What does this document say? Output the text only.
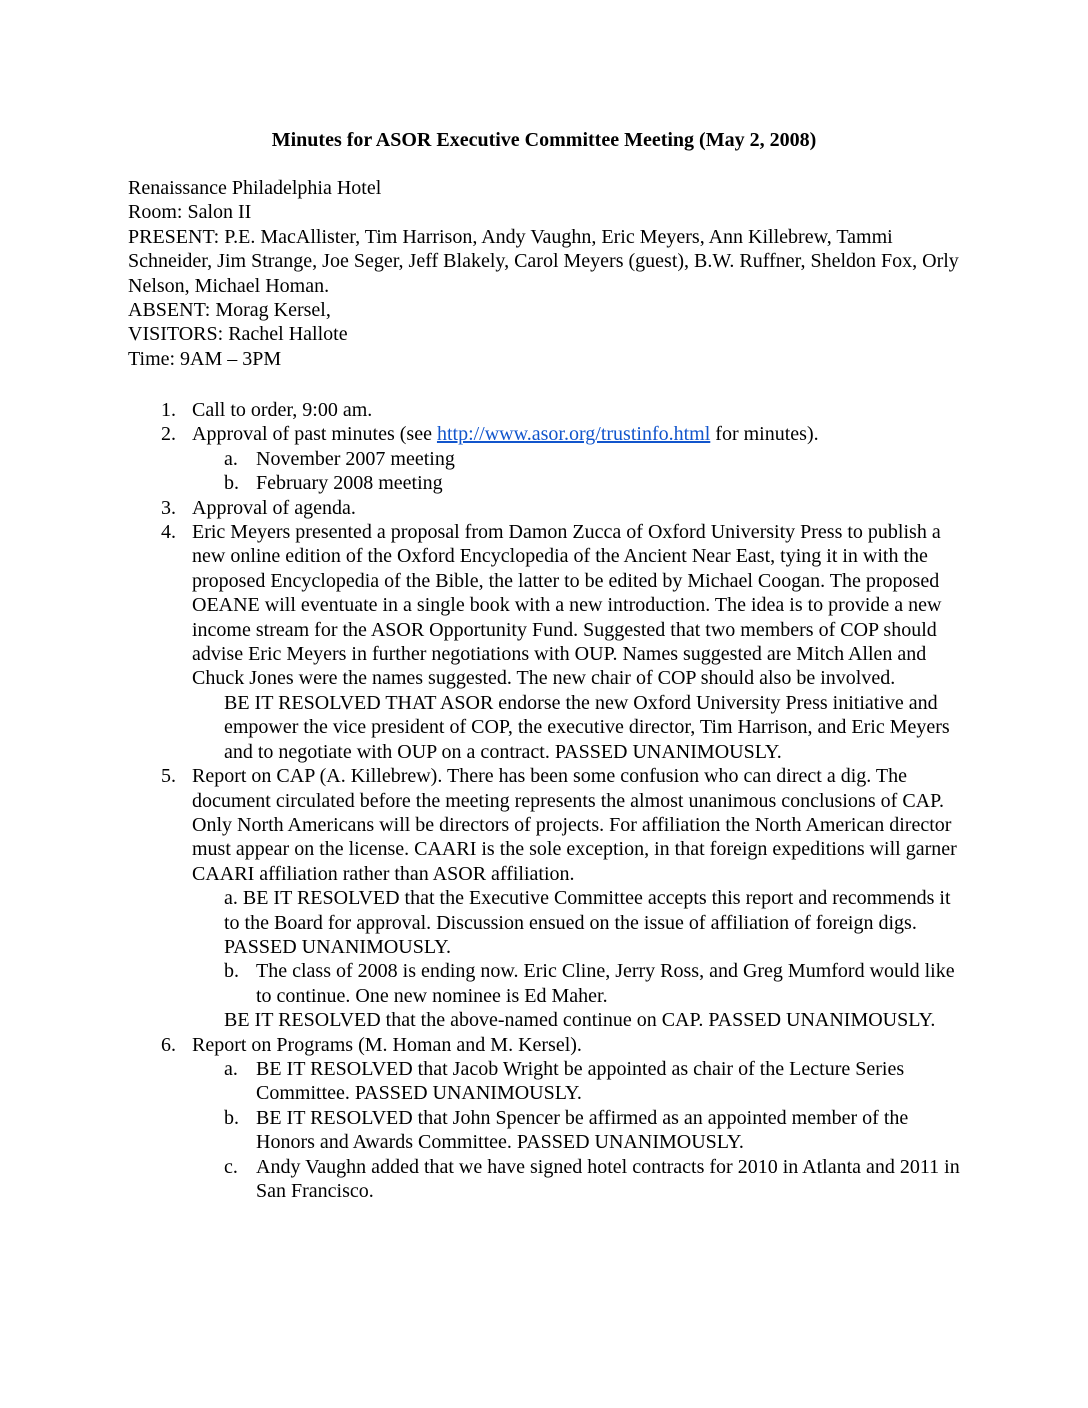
Minutes for ASOR Executive Committee Meeting (May 2, 2008)
Renaissance Philadelphia Hotel
Room: Salon II
PRESENT: P.E. MacAllister, Tim Harrison, Andy Vaughn, Eric Meyers, Ann Killebrew, Tammi Schneider, Jim Strange, Joe Seger, Jeff Blakely, Carol Meyers (guest), B.W. Ruffner, Sheldon Fox, Orly Nelson, Michael Homan.
ABSENT: Morag Kersel,
VISITORS: Rachel Hallote
Time: 9AM – 3PM
1. Call to order, 9:00 am.
2. Approval of past minutes (see http://www.asor.org/trustinfo.html for minutes).
a. November 2007 meeting
b. February 2008 meeting
3. Approval of agenda.
4. Eric Meyers presented a proposal from Damon Zucca of Oxford University Press to publish a new online edition of the Oxford Encyclopedia of the Ancient Near East, tying it in with the proposed Encyclopedia of the Bible, the latter to be edited by Michael Coogan. The proposed OEANE will eventuate in a single book with a new introduction. The idea is to provide a new income stream for the ASOR Opportunity Fund. Suggested that two members of COP should advise Eric Meyers in further negotiations with OUP. Names suggested are Mitch Allen and Chuck Jones were the names suggested. The new chair of COP should also be involved.
BE IT RESOLVED THAT ASOR endorse the new Oxford University Press initiative and empower the vice president of COP, the executive director, Tim Harrison, and Eric Meyers and to negotiate with OUP on a contract. PASSED UNANIMOUSLY.
5. Report on CAP (A. Killebrew). There has been some confusion who can direct a dig. The document circulated before the meeting represents the almost unanimous conclusions of CAP. Only North Americans will be directors of projects. For affiliation the North American director must appear on the license. CAARI is the sole exception, in that foreign expeditions will garner CAARI affiliation rather than ASOR affiliation.
a. BE IT RESOLVED that the Executive Committee accepts this report and recommends it to the Board for approval. Discussion ensued on the issue of affiliation of foreign digs. PASSED UNANIMOUSLY.
b. The class of 2008 is ending now. Eric Cline, Jerry Ross, and Greg Mumford would like to continue. One new nominee is Ed Maher.
BE IT RESOLVED that the above-named continue on CAP. PASSED UNANIMOUSLY.
6. Report on Programs (M. Homan and M. Kersel).
a. BE IT RESOLVED that Jacob Wright be appointed as chair of the Lecture Series Committee. PASSED UNANIMOUSLY.
b. BE IT RESOLVED that John Spencer be affirmed as an appointed member of the Honors and Awards Committee. PASSED UNANIMOUSLY.
c. Andy Vaughn added that we have signed hotel contracts for 2010 in Atlanta and 2011 in San Francisco.
